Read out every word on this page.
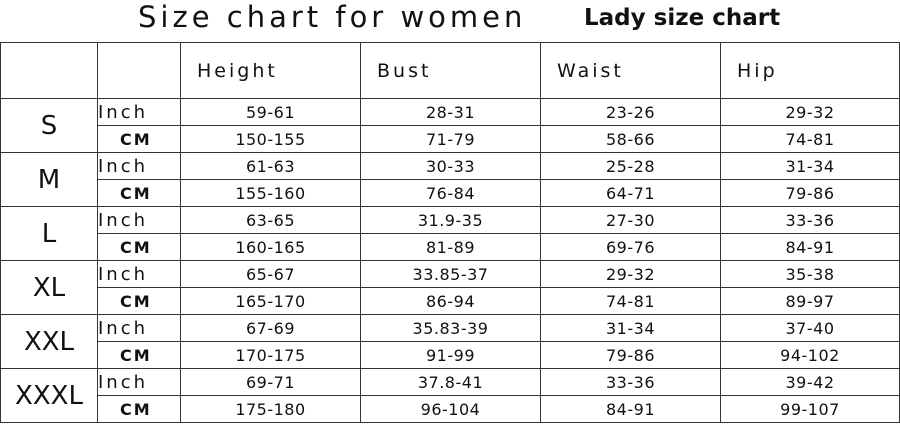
Size chart for women	Lady size chart
		Height	Bust	Waist	Hip
S	Inch	59-61	28-31	23-26	29-32
	CM	150-155	71-79	58-66	74-81
M	Inch	61-63	30-33	25-28	31-34
	CM	155-160	76-84	64-71	79-86
L	Inch	63-65	31.9-35	27-30	33-36
	CM	160-165	81-89	69-76	84-91
XL	Inch	65-67	33.85-37	29-32	35-38
	CM	165-170	86-94	74-81	89-97
XXL	Inch	67-69	35.83-39	31-34	37-40
	CM	170-175	91-99	79-86	94-102
XXXL	Inch	69-71	37.8-41	33-36	39-42
	CM	175-180	96-104	84-91	99-107
